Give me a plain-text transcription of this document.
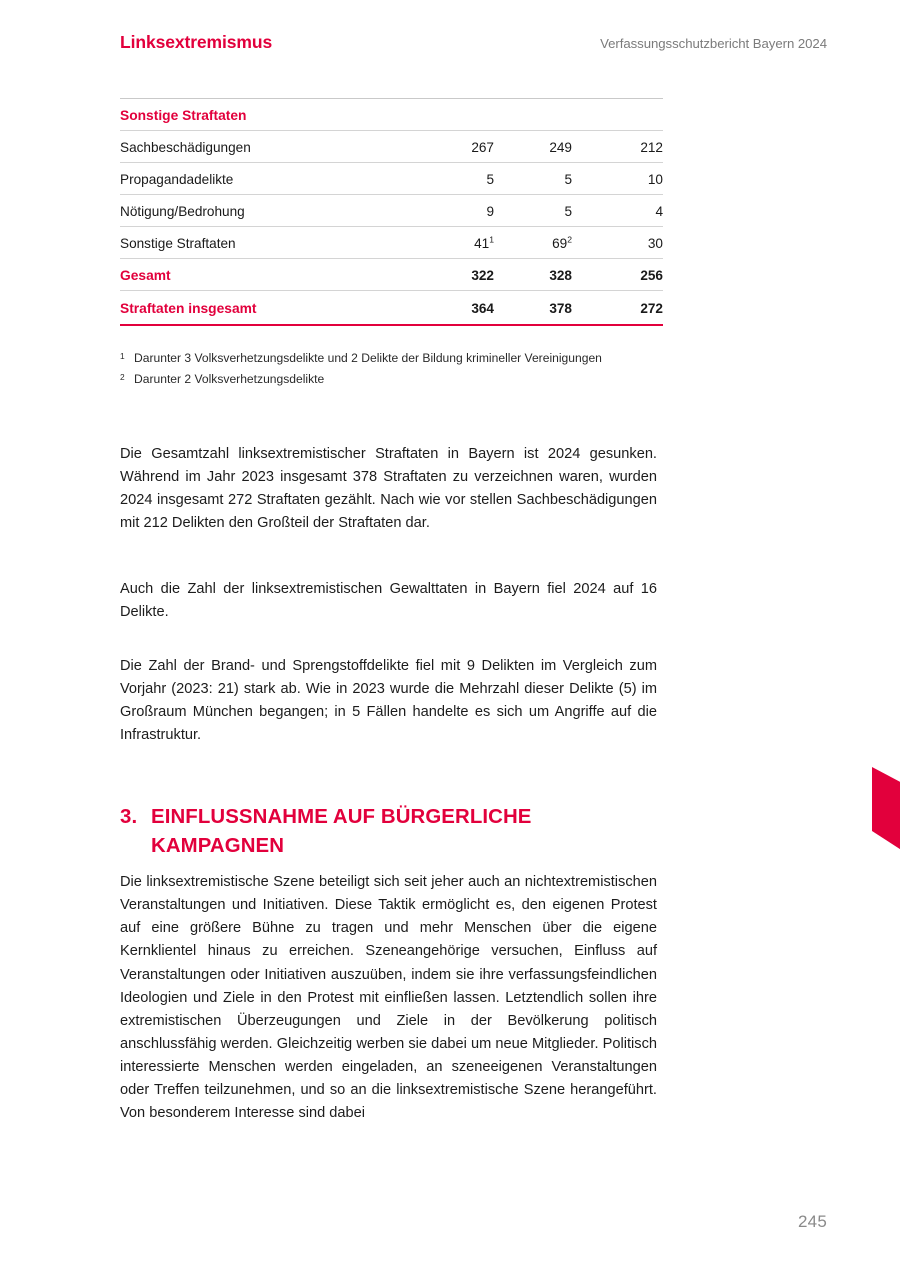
Linksextremismus	Verfassungsschutzbericht Bayern 2024
Sonstige Straftaten			
Sachbeschädigungen	267	249	212
Propagandadelikte	5	5	10
Nötigung/Bedrohung	9	5	4
Sonstige Straftaten	$41^1$	$69^2$	30
Gesamt	322	328	256
Straftaten insgesamt	364	378	272
1 Darunter 3 Volksverhetzungsdelikte und 2 Delikte der Bildung krimineller Vereinigungen
2 Darunter 2 Volksverhetzungsdelikte

Die Gesamtzahl linksextremistischer Straftaten in Bayern ist 2024 gesunken. Während im Jahr 2023 insgesamt 378 Straftaten zu verzeichnen waren, wurden 2024 insgesamt 272 Straftaten gezählt. Nach wie vor stellen Sachbeschädigungen mit 212 Delikten den Großteil der Straftaten dar.

Auch die Zahl der linksextremistischen Gewalttaten in Bayern fiel 2024 auf 16 Delikte.

Die Zahl der Brand- und Sprengstoffdelikte fiel mit 9 Delikten im Vergleich zum Vorjahr (2023: 21) stark ab. Wie in 2023 wurde die Mehrzahl dieser Delikte (5) im Großraum München begangen; in 5 Fällen handelte es sich um Angriffe auf die Infrastruktur.

3. EINFLUSSNAHME AUF BÜRGERLICHE KAMPAGNEN

Die linksextremistische Szene beteiligt sich seit jeher auch an nichtextremistischen Veranstaltungen und Initiativen. Diese Taktik ermöglicht es, den eigenen Protest auf eine größere Bühne zu tragen und mehr Menschen über die eigene Kernklientel hinaus zu erreichen. Szeneangehörige versuchen, Einfluss auf Veranstaltungen oder Initiativen auszuüben, indem sie ihre verfassungsfeindlichen Ideologien und Ziele in den Protest mit einfließen lassen. Letztendlich sollen ihre extremistischen Überzeugungen und Ziele in der Bevölkerung politisch anschlussfähig werden. Gleichzeitig werben sie dabei um neue Mitglieder. Politisch interessierte Menschen werden eingeladen, an szeneeigenen Veranstaltungen oder Treffen teilzunehmen, und so an die linksextremistische Szene herangeführt. Von besonderem Interesse sind dabei

245
